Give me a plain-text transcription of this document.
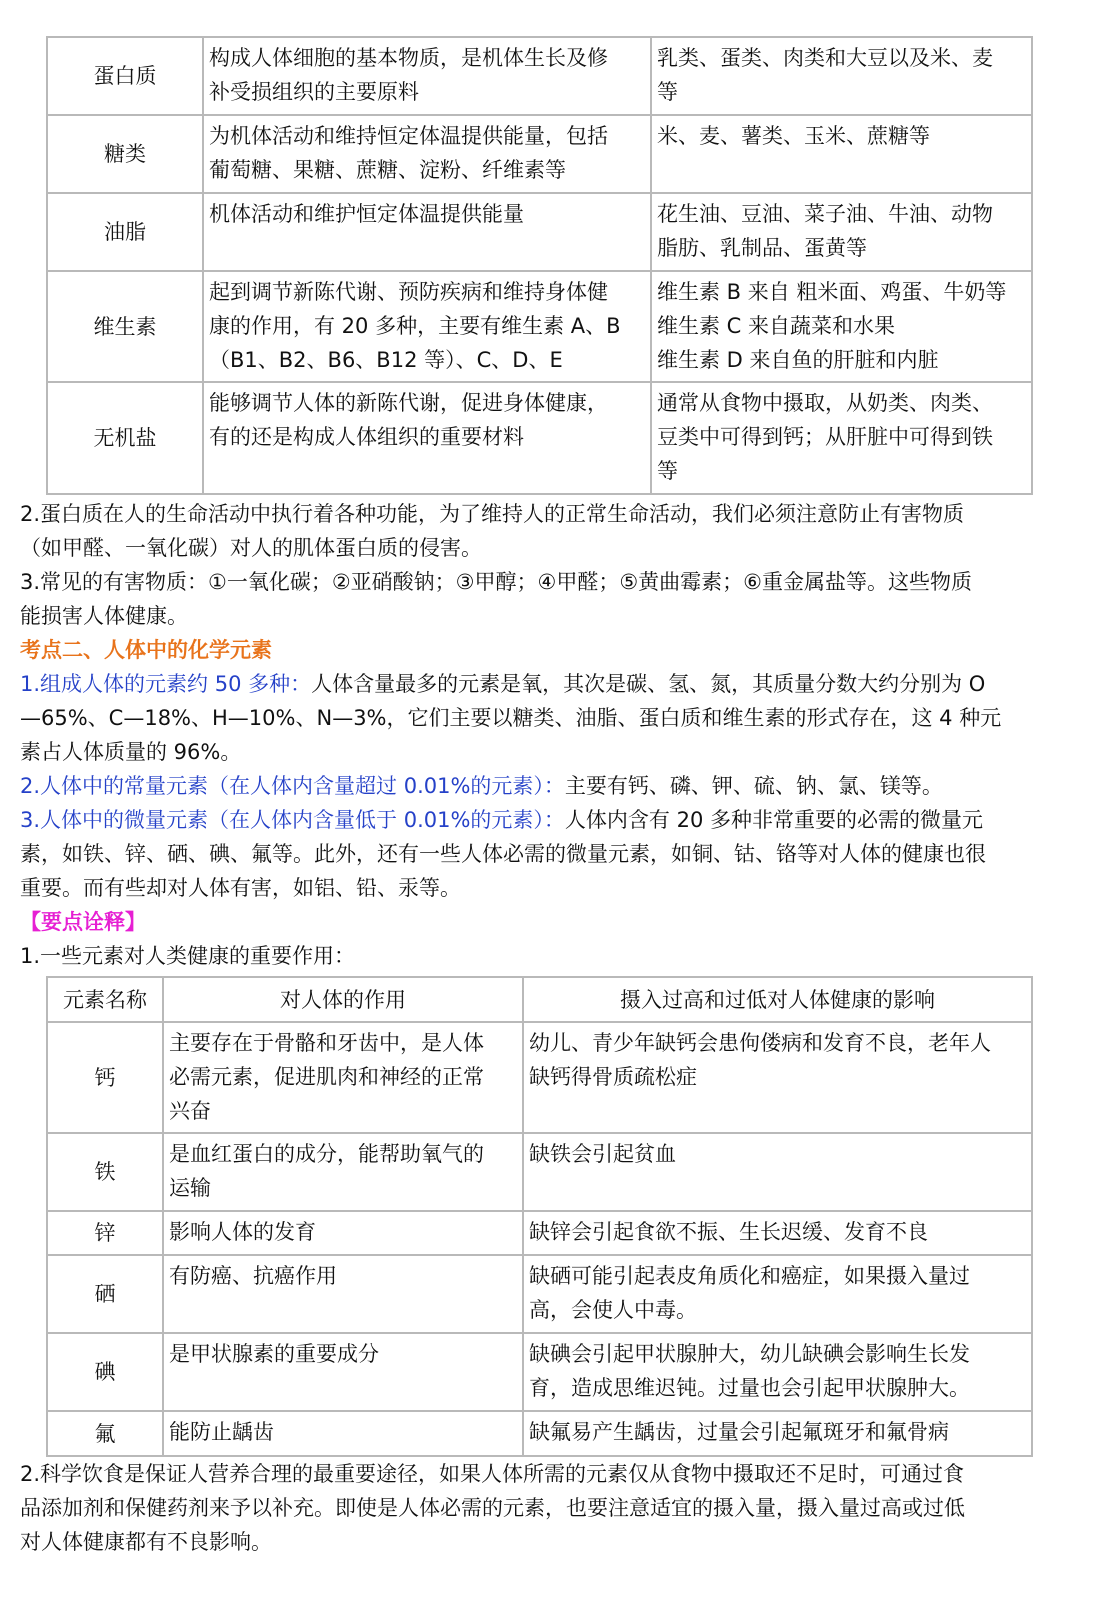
蛋白质	构成人体细胞的基本物质，是机体生长及修
补受损组织的主要原料	乳类、蛋类、肉类和大豆以及米、麦
等

糖类	为机体活动和维持恒定体温提供能量，包括
葡萄糖、果糖、蔗糖、淀粉、纤维素等	米、麦、薯类、玉米、蔗糖等

油脂	机体活动和维护恒定体温提供能量	花生油、豆油、菜子油、牛油、动物
脂肪、乳制品、蛋黄等

维生素	起到调节新陈代谢、预防疾病和维持身体健
康的作用，有 20 多种，主要有维生素 A、B
（B1、B2、B6、B12 等）、C、D、E	维生素 B 来自 粗米面、鸡蛋、牛奶等
维生素 C 来自蔬菜和水果
维生素 D 来自鱼的肝脏和内脏

无机盐	能够调节人体的新陈代谢，促进身体健康，
有的还是构成人体组织的重要材料	通常从食物中摄取，从奶类、肉类、
豆类中可得到钙；从肝脏中可得到铁
等

2.蛋白质在人的生命活动中执行着各种功能，为了维持人的正常生命活动，我们必须注意防止有害物质
（如甲醛、一氧化碳）对人的肌体蛋白质的侵害。

3.常见的有害物质：①一氧化碳；②亚硝酸钠；③甲醇；④甲醛；⑤黄曲霉素；⑥重金属盐等。这些物质
能损害人体健康。

考点二、人体中的化学元素

1.组成人体的元素约 50 多种：人体含量最多的元素是氧，其次是碳、氢、氮，其质量分数大约分别为 O
—65%、C—18%、H—10%、N—3%，它们主要以糖类、油脂、蛋白质和维生素的形式存在，这 4 种元
素占人体质量的 96%。

2.人体中的常量元素（在人体内含量超过 0.01%的元素）：主要有钙、磷、钾、硫、钠、氯、镁等。

3.人体中的微量元素（在人体内含量低于 0.01%的元素）：人体内含有 20 多种非常重要的必需的微量元
素，如铁、锌、硒、碘、氟等。此外，还有一些人体必需的微量元素，如铜、钴、铬等对人体的健康也很
重要。而有些却对人体有害，如铝、铅、汞等。

【要点诠释】

1.一些元素对人类健康的重要作用：

元素名称	对人体的作用	摄入过高和过低对人体健康的影响
钙	主要存在于骨骼和牙齿中，是人体
必需元素，促进肌肉和神经的正常
兴奋	幼儿、青少年缺钙会患佝偻病和发育不良，老年人
缺钙得骨质疏松症

铁	是血红蛋白的成分，能帮助氧气的
运输	缺铁会引起贫血

锌	影响人体的发育	缺锌会引起食欲不振、生长迟缓、发育不良

硒	有防癌、抗癌作用	缺硒可能引起表皮角质化和癌症，如果摄入量过
高，会使人中毒。

碘	是甲状腺素的重要成分	缺碘会引起甲状腺肿大，幼儿缺碘会影响生长发
育，造成思维迟钝。过量也会引起甲状腺肿大。

氟	能防止龋齿	缺氟易产生龋齿，过量会引起氟斑牙和氟骨病

2.科学饮食是保证人营养合理的最重要途径，如果人体所需的元素仅从食物中摄取还不足时，可通过食
品添加剂和保健药剂来予以补充。即使是人体必需的元素，也要注意适宜的摄入量，摄入量过高或过低
对人体健康都有不良影响。
